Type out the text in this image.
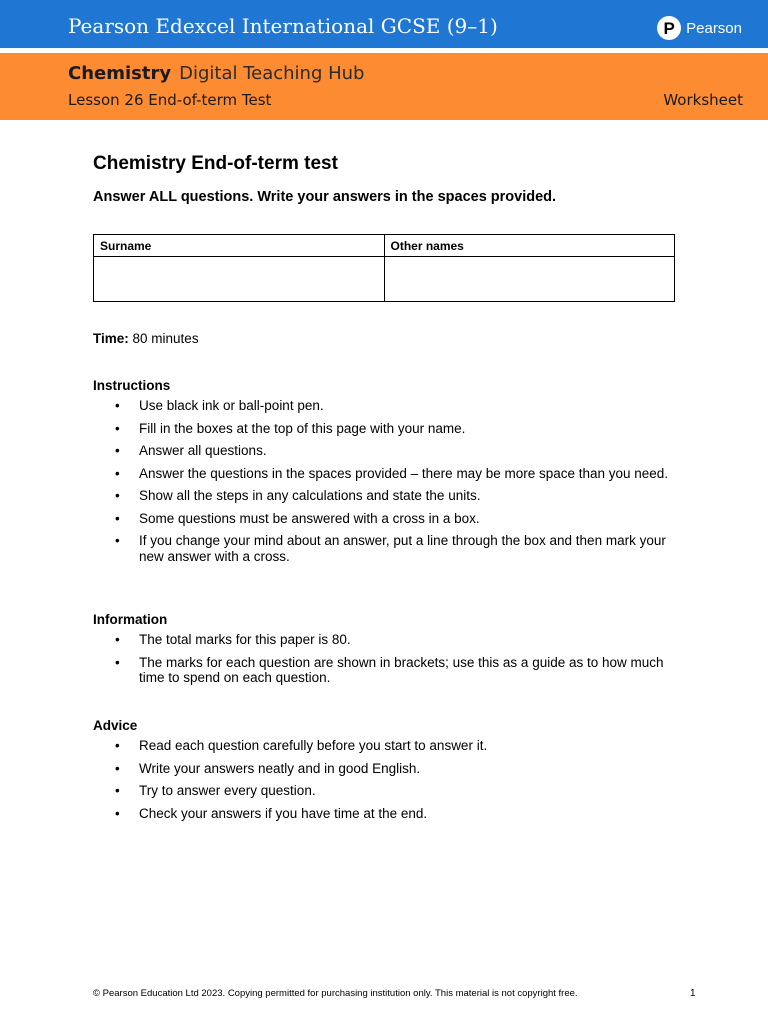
Pearson Edexcel International GCSE (9–1)	P Pearson
Chemistry Digital Teaching Hub
Lesson 26 End-of-term Test	Worksheet
Chemistry End-of-term test
Answer ALL questions. Write your answers in the spaces provided.
Surname	Other names

Time: 80 minutes
Instructions
• Use black ink or ball-point pen.
• Fill in the boxes at the top of this page with your name.
• Answer all questions.
• Answer the questions in the spaces provided – there may be more space than you need.
• Show all the steps in any calculations and state the units.
• Some questions must be answered with a cross in a box.
• If you change your mind about an answer, put a line through the box and then mark your new answer with a cross.
Information
• The total marks for this paper is 80.
• The marks for each question are shown in brackets; use this as a guide as to how much time to spend on each question.
Advice
• Read each question carefully before you start to answer it.
• Write your answers neatly and in good English.
• Try to answer every question.
• Check your answers if you have time at the end.
© Pearson Education Ltd 2023. Copying permitted for purchasing institution only. This material is not copyright free.	1
